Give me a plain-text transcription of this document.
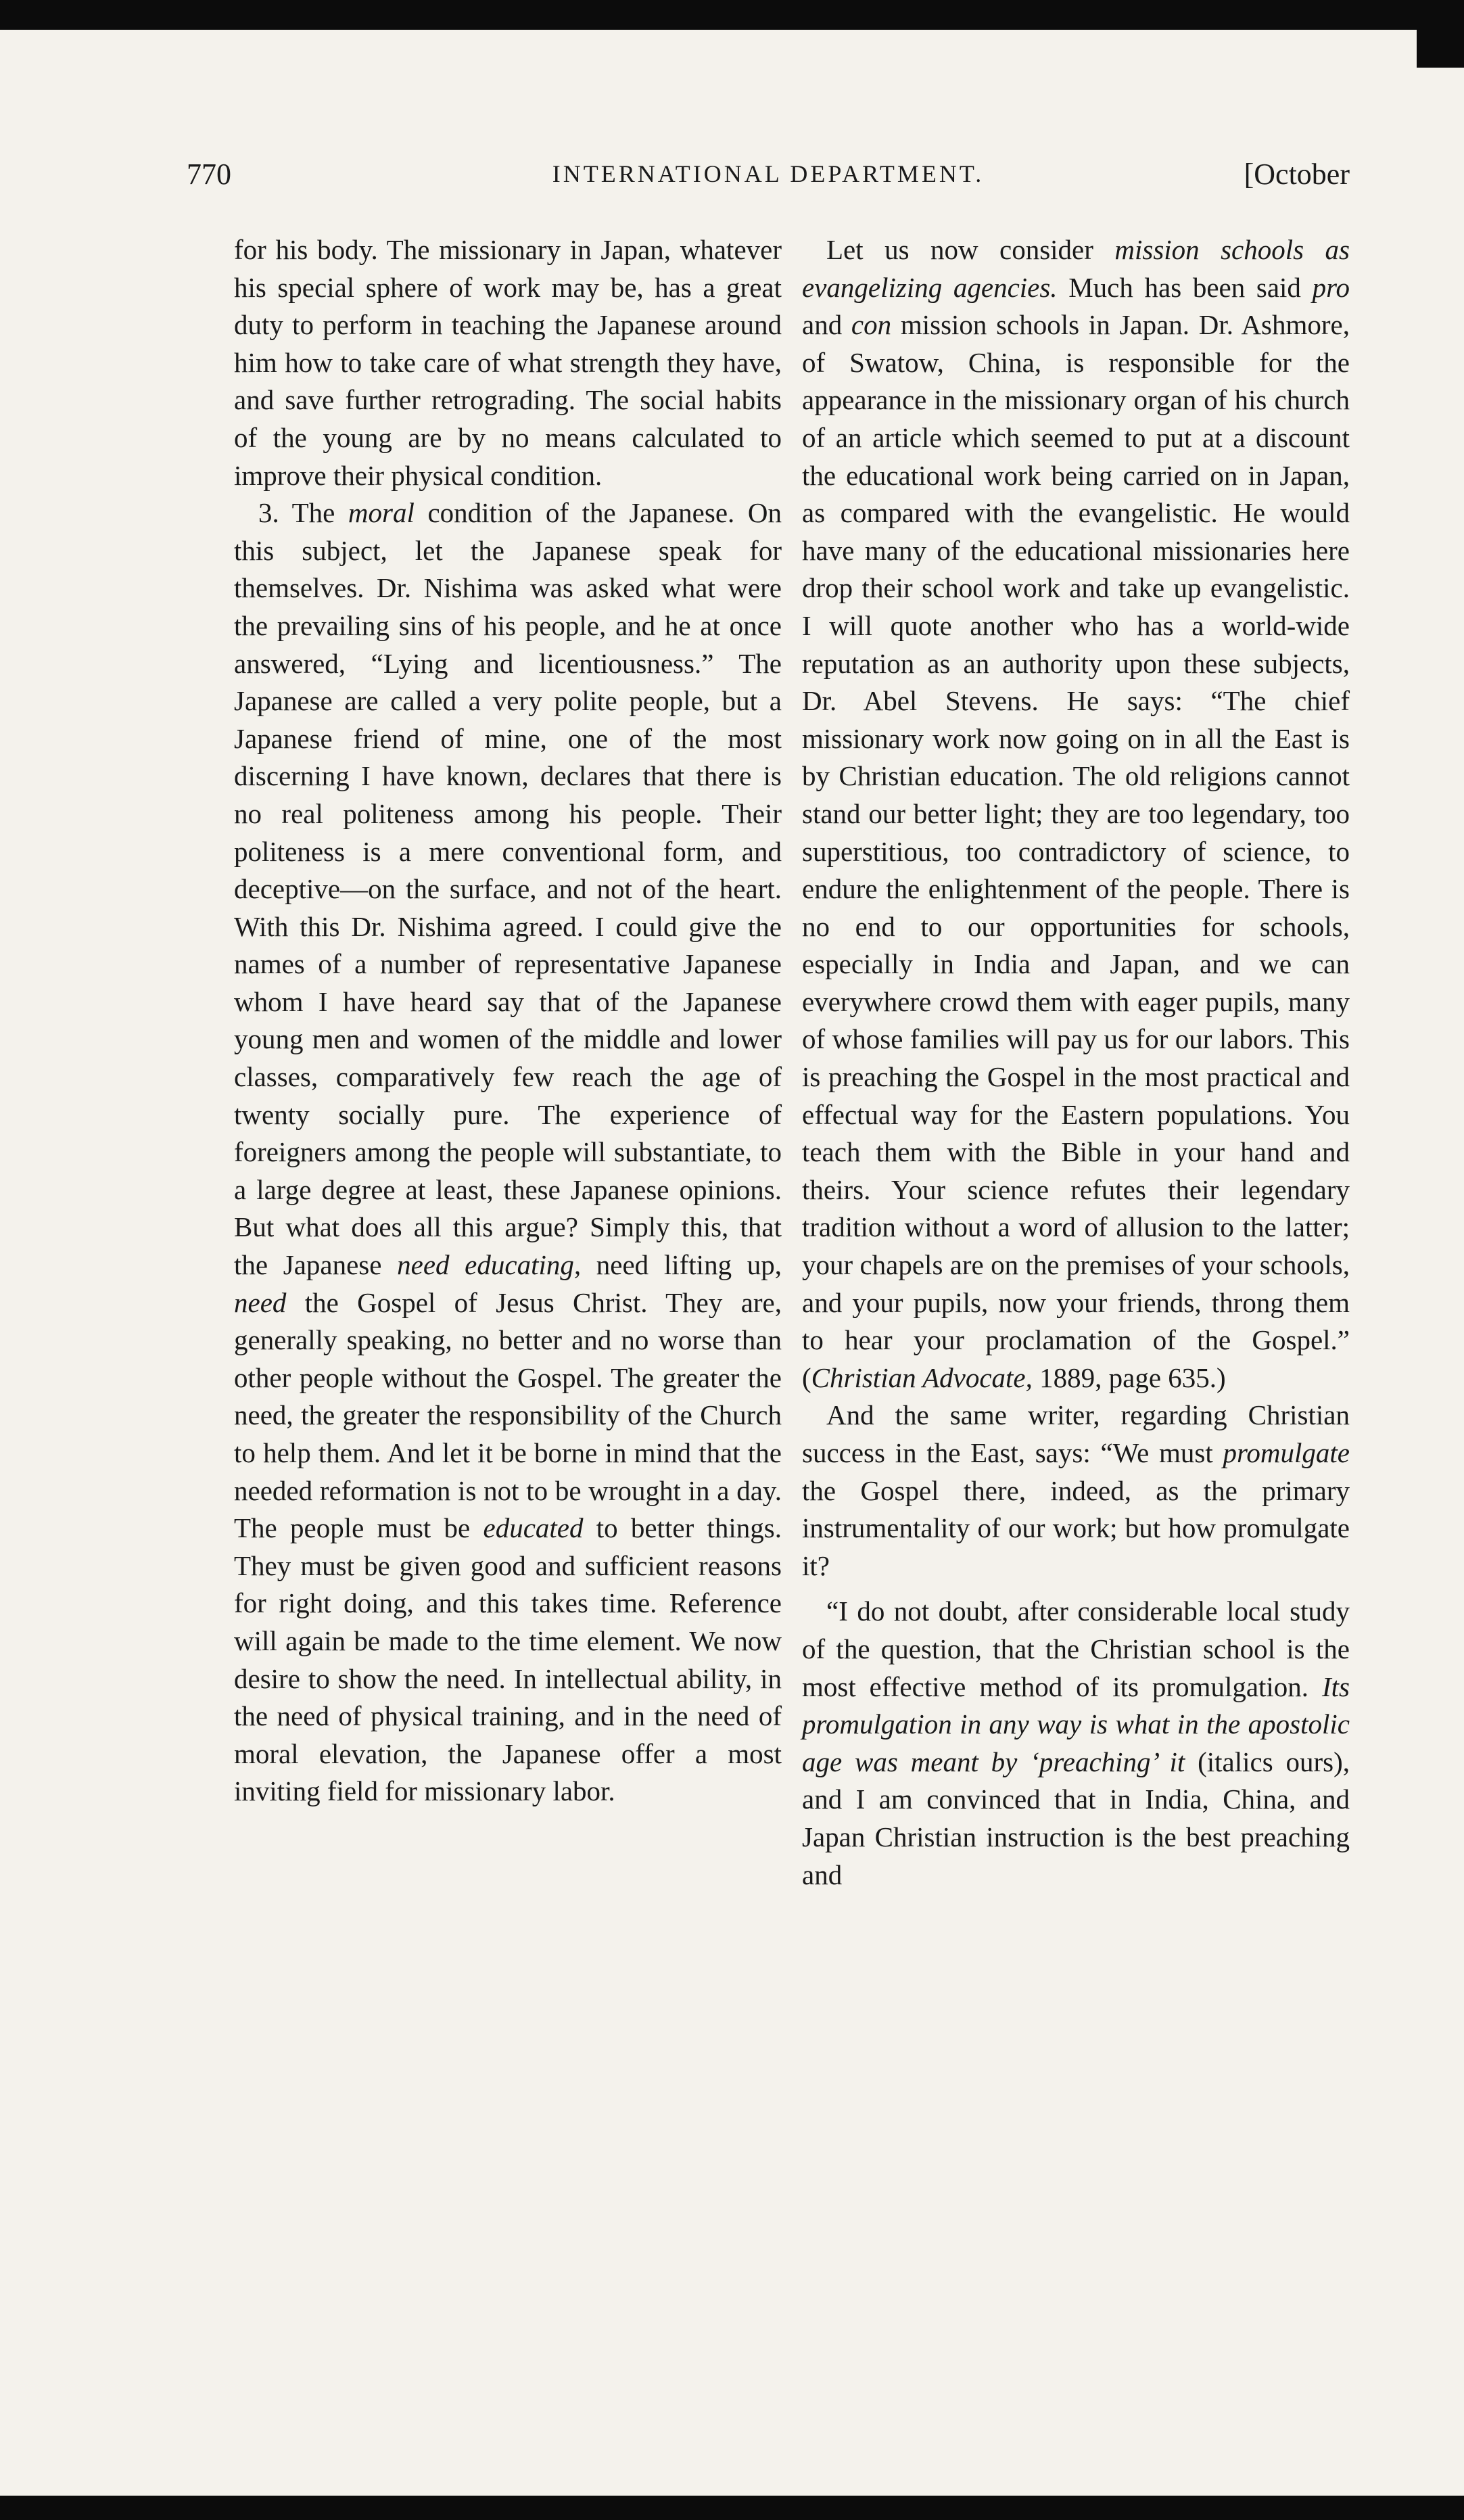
770	INTERNATIONAL DEPARTMENT.	[October

for his body. The missionary in Japan, whatever his special sphere of work may be, has a great duty to perform in teaching the Japanese around him how to take care of what strength they have, and save further retrograding. The social habits of the young are by no means calculated to improve their physical condition.

3. The moral condition of the Japanese. On this subject, let the Japanese speak for themselves. Dr. Nishima was asked what were the prevailing sins of his people, and he at once answered, “Lying and licentiousness.” The Japanese are called a very polite people, but a Japanese friend of mine, one of the most discerning I have known, declares that there is no real politeness among his people. Their politeness is a mere conventional form, and deceptive—on the surface, and not of the heart. With this Dr. Nishima agreed. I could give the names of a number of representative Japanese whom I have heard say that of the Japanese young men and women of the middle and lower classes, comparatively few reach the age of twenty socially pure. The experience of foreigners among the people will substantiate, to a large degree at least, these Japanese opinions. But what does all this argue? Simply this, that the Japanese need educating, need lifting up, need the Gospel of Jesus Christ. They are, generally speaking, no better and no worse than other people without the Gospel. The greater the need, the greater the responsibility of the Church to help them. And let it be borne in mind that the needed reformation is not to be wrought in a day. The people must be educated to better things. They must be given good and sufficient reasons for right doing, and this takes time. Reference will again be made to the time element. We now desire to show the need. In intellectual ability, in the need of physical training, and in the need of moral elevation, the Japanese offer a most inviting field for missionary labor.

Let us now consider mission schools as evangelizing agencies. Much has been said pro and con mission schools in Japan. Dr. Ashmore, of Swatow, China, is responsible for the appearance in the missionary organ of his church of an article which seemed to put at a discount the educational work being carried on in Japan, as compared with the evangelistic. He would have many of the educational missionaries here drop their school work and take up evangelistic. I will quote another who has a world-wide reputation as an authority upon these subjects, Dr. Abel Stevens. He says: “The chief missionary work now going on in all the East is by Christian education. The old religions cannot stand our better light; they are too legendary, too superstitious, too contradictory of science, to endure the enlightenment of the people. There is no end to our opportunities for schools, especially in India and Japan, and we can everywhere crowd them with eager pupils, many of whose families will pay us for our labors. This is preaching the Gospel in the most practical and effectual way for the Eastern populations. You teach them with the Bible in your hand and theirs. Your science refutes their legendary tradition without a word of allusion to the latter; your chapels are on the premises of your schools, and your pupils, now your friends, throng them to hear your proclamation of the Gospel.” (Christian Advocate, 1889, page 635.)

And the same writer, regarding Christian success in the East, says: “We must promulgate the Gospel there, indeed, as the primary instrumentality of our work; but how promulgate it?

“I do not doubt, after considerable local study of the question, that the Christian school is the most effective method of its promulgation. Its promulgation in any way is what in the apostolic age was meant by ‘preaching’ it (italics ours), and I am convinced that in India, China, and Japan Christian instruction is the best preaching and
